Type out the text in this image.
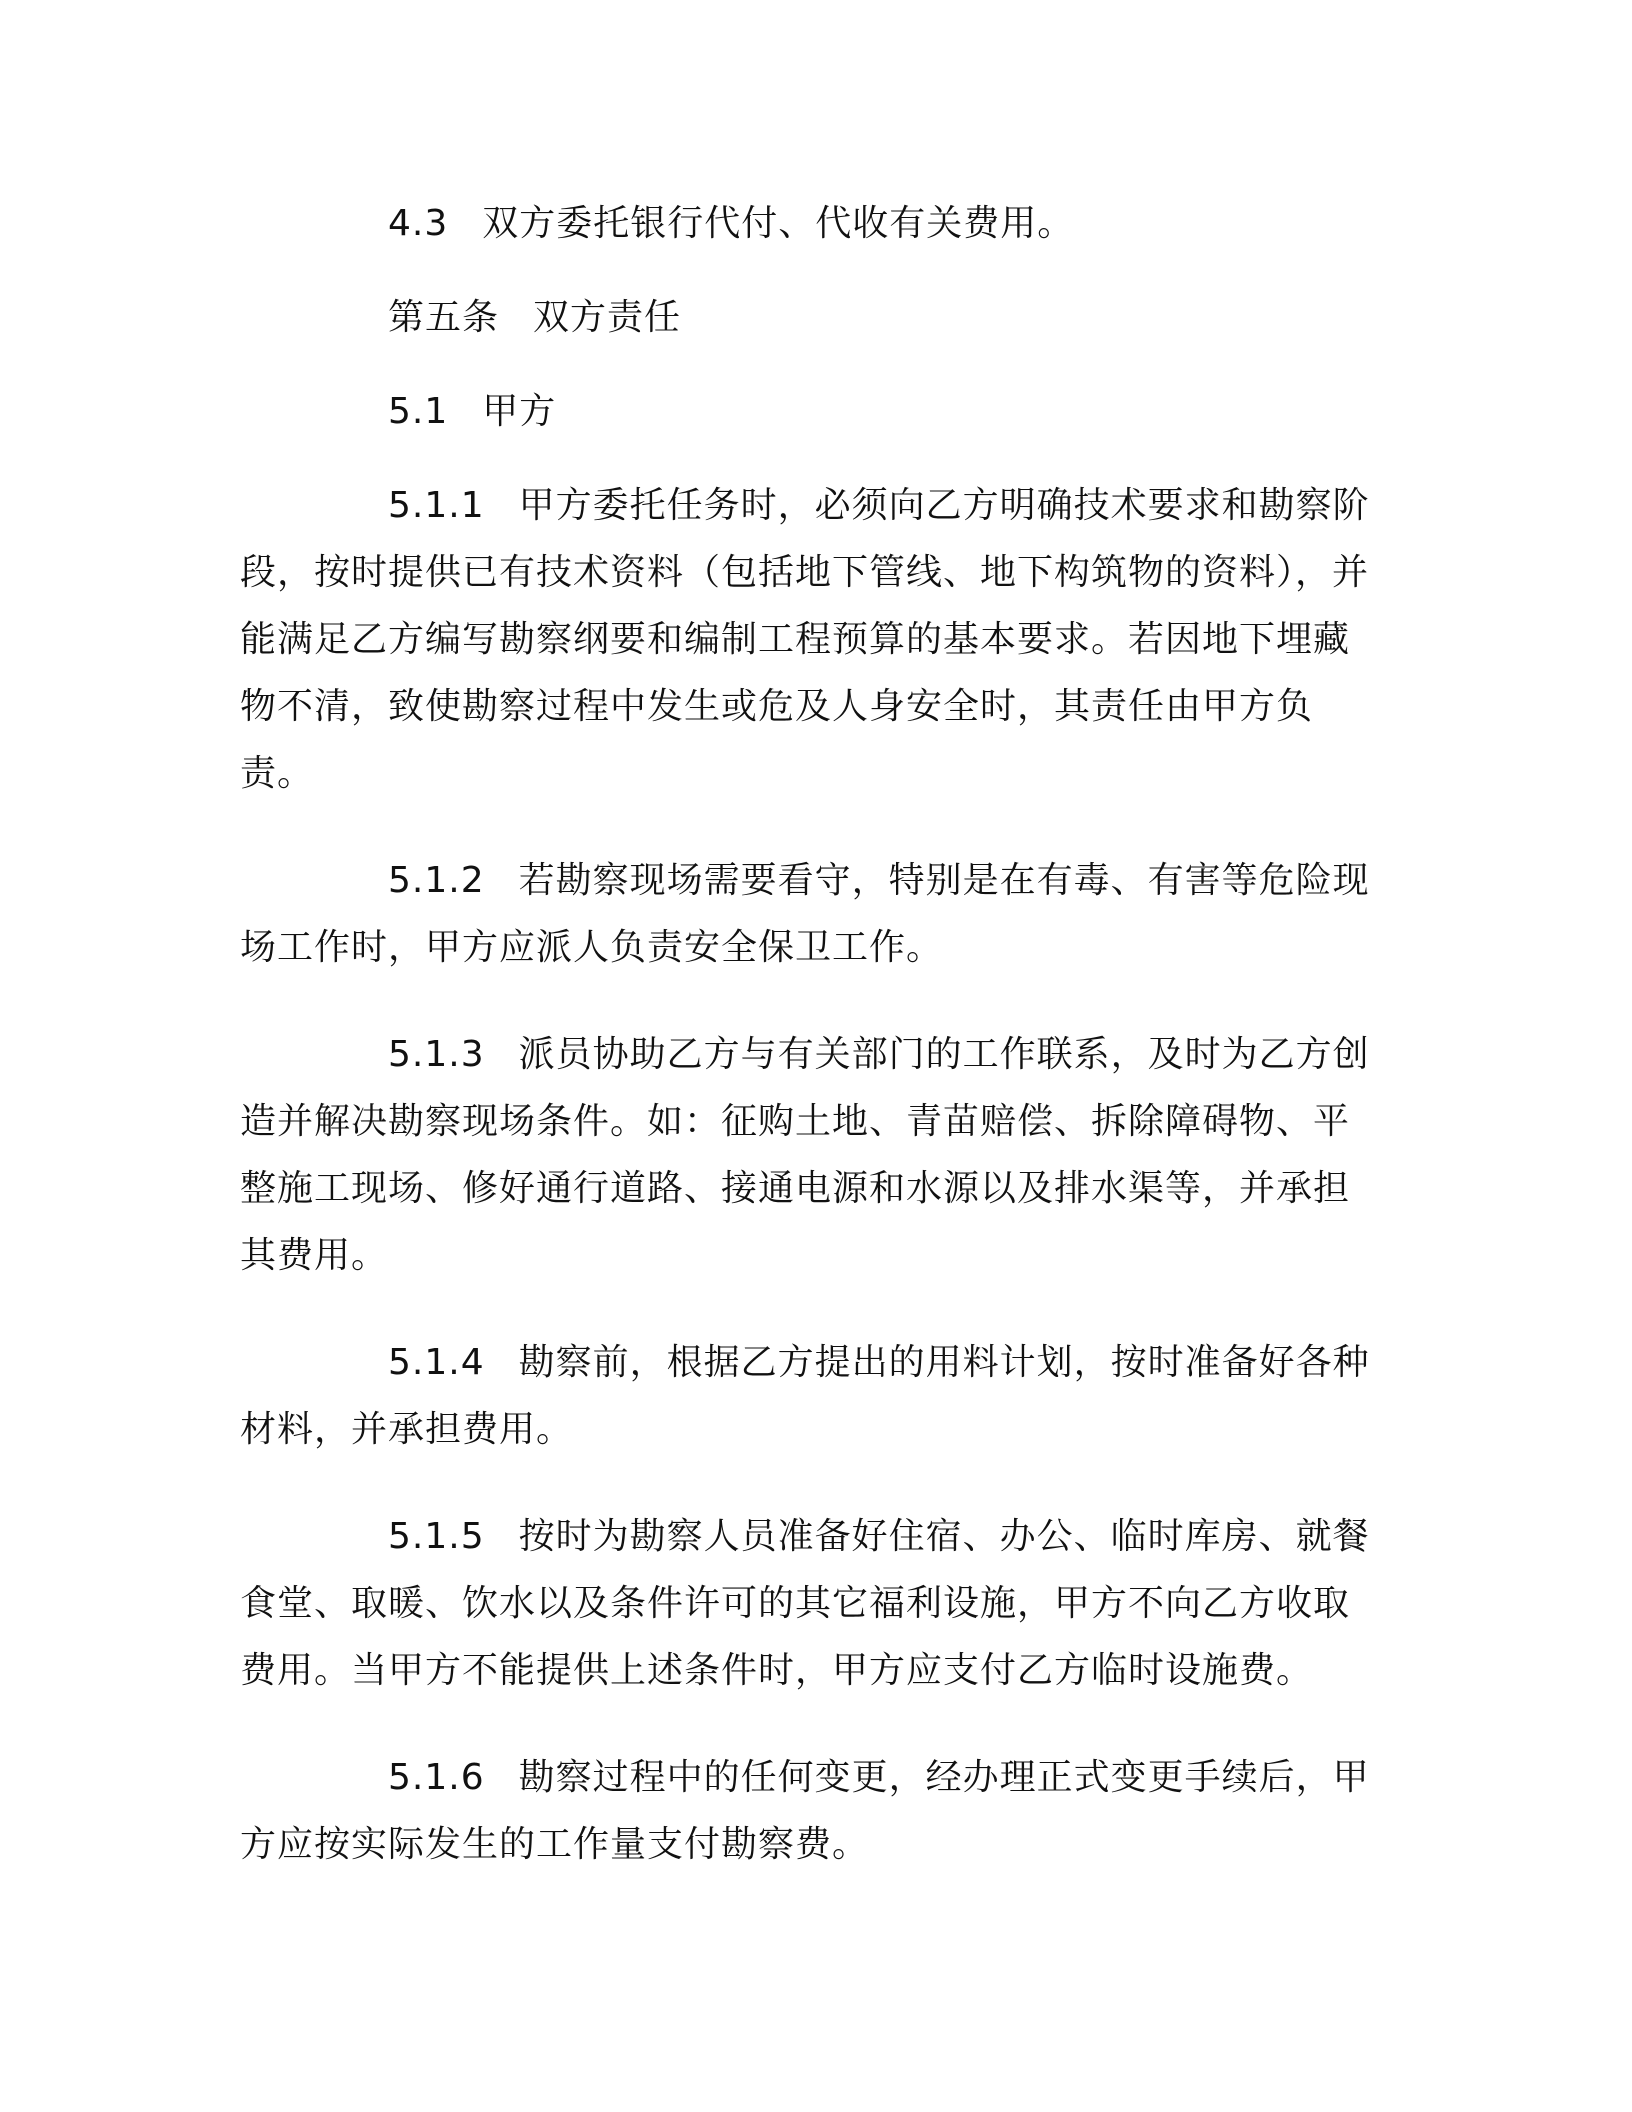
4.3 双方委托银行代付、代收有关费用。

第五条 双方责任

5.1 甲方

5.1.1 甲方委托任务时，必须向乙方明确技术要求和勘察阶段，按时提供已有技术资料（包括地下管线、地下构筑物的资料），并能满足乙方编写勘察纲要和编制工程预算的基本要求。若因地下埋藏物不清，致使勘察过程中发生或危及人身安全时，其责任由甲方负责。

5.1.2 若勘察现场需要看守，特别是在有毒、有害等危险现场工作时，甲方应派人负责安全保卫工作。

5.1.3 派员协助乙方与有关部门的工作联系，及时为乙方创造并解决勘察现场条件。如：征购土地、青苗赔偿、拆除障碍物、平整施工现场、修好通行道路、接通电源和水源以及排水渠等，并承担其费用。

5.1.4 勘察前，根据乙方提出的用料计划，按时准备好各种材料，并承担费用。

5.1.5 按时为勘察人员准备好住宿、办公、临时库房、就餐食堂、取暖、饮水以及条件许可的其它福利设施，甲方不向乙方收取费用。当甲方不能提供上述条件时，甲方应支付乙方临时设施费。

5.1.6 勘察过程中的任何变更，经办理正式变更手续后，甲方应按实际发生的工作量支付勘察费。
